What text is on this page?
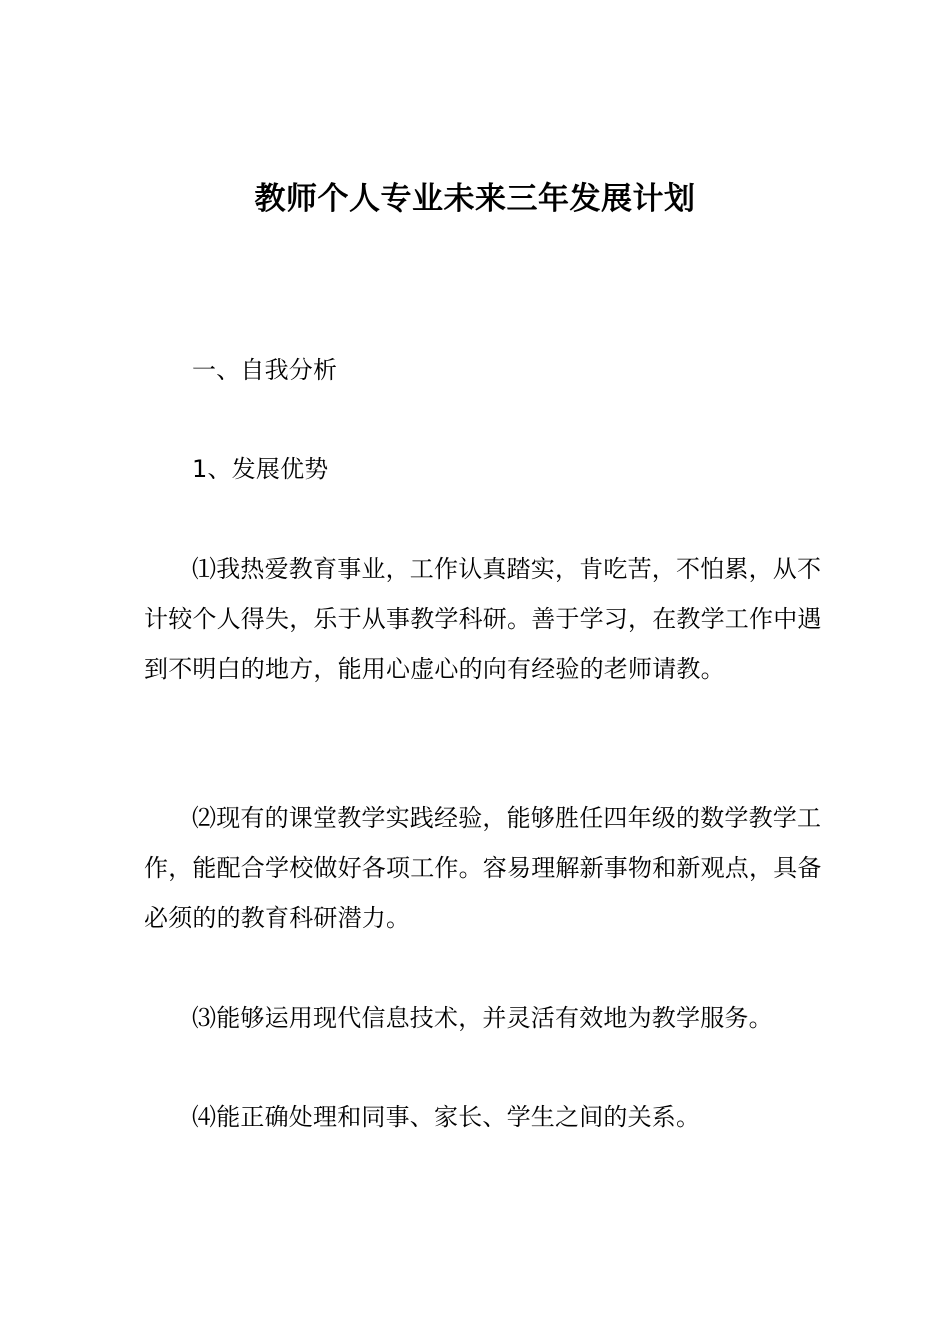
教师个人专业未来三年发展计划

一、自我分析

1、发展优势

⑴我热爱教育事业，工作认真踏实，肯吃苦，不怕累，从不计较个人得失，乐于从事教学科研。善于学习，在教学工作中遇到不明白的地方，能用心虚心的向有经验的老师请教。

⑵现有的课堂教学实践经验，能够胜任四年级的数学教学工作，能配合学校做好各项工作。容易理解新事物和新观点，具备必须的的教育科研潜力。

⑶能够运用现代信息技术，并灵活有效地为教学服务。

⑷能正确处理和同事、家长、学生之间的关系。
